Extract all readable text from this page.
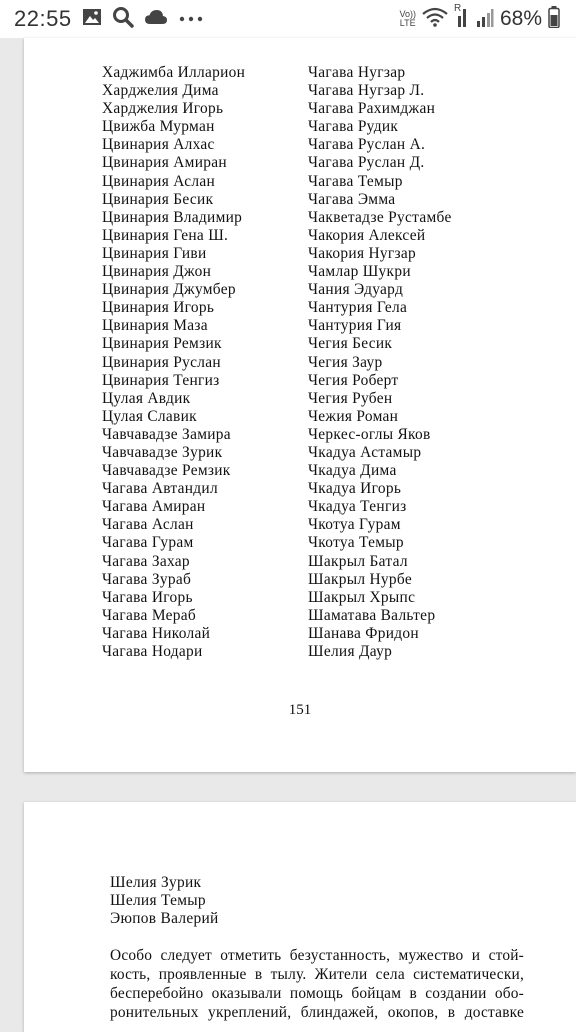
22:55	Vo))
LTE
R 68%
Хаджимба Илларион
Харджелия Дима
Харджелия Игорь
Цвижба Мурман
Цвинария Алхас
Цвинария Амиран
Цвинария Аслан
Цвинария Бесик
Цвинария Владимир
Цвинария Гена Ш.
Цвинария Гиви
Цвинария Джон
Цвинария Джумбер
Цвинария Игорь
Цвинария Маза
Цвинария Ремзик
Цвинария Руслан
Цвинария Тенгиз
Цулая Авдик
Цулая Славик
Чавчавадзе Замира
Чавчавадзе Зурик
Чавчавадзе Ремзик
Чагава Автандил
Чагава Амиран
Чагава Аслан
Чагава Гурам
Чагава Захар
Чагава Зураб
Чагава Игорь
Чагава Мераб
Чагава Николай
Чагава Нодари
Чагава Нугзар
Чагава Нугзар Л.
Чагава Рахимджан
Чагава Рудик
Чагава Руслан А.
Чагава Руслан Д.
Чагава Темыр
Чагава Эмма
Чакветадзе Рустамбе
Чакория Алексей
Чакория Нугзар
Чамлар Шукри
Чания Эдуард
Чантурия Гела
Чантурия Гия
Чегия Бесик
Чегия Заур
Чегия Роберт
Чегия Рубен
Чежия Роман
Черкес-оглы Яков
Чкадуа Астамыр
Чкадуа Дима
Чкадуа Игорь
Чкадуа Тенгиз
Чкотуа Гурам
Чкотуа Темыр
Шакрыл Батал
Шакрыл Нурбе
Шакрыл Хрыпс
Шаматава Вальтер
Шанава Фридон
Шелия Даур
151
Шелия Зурик
Шелия Темыр
Эюпов Валерий
Особо следует отметить безустанность, мужество и стой-
кость, проявленные в тылу. Жители села систематически,
бесперебойно оказывали помощь бойцам в создании обо-
ронительных укреплений, блиндажей, окопов, в доставке
